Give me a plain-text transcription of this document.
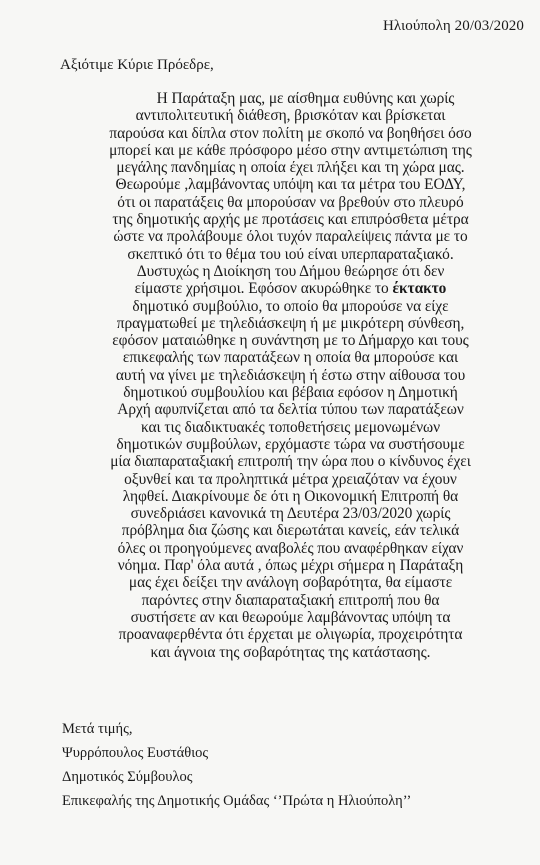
Ηλιούπολη 20/03/2020
Αξιότιμε Κύριε Πρόεδρε,
Η Παράταξη μας, με αίσθημα ευθύνης και χωρίς
αντιπολιτευτική διάθεση, βρισκόταν και βρίσκεται
παρούσα και δίπλα στον πολίτη με σκοπό να βοηθήσει όσο
μπορεί και με κάθε πρόσφορο μέσο στην αντιμετώπιση της
μεγάλης πανδημίας η οποία έχει πλήξει και τη χώρα μας.
Θεωρούμε ,λαμβάνοντας υπόψη και τα μέτρα του ΕΟΔΥ,
ότι οι παρατάξεις θα μπορούσαν να βρεθούν στο πλευρό
της δημοτικής αρχής με προτάσεις και επιπρόσθετα μέτρα
ώστε να προλάβουμε όλοι τυχόν παραλείψεις πάντα με το
σκεπτικό ότι το θέμα του ιού είναι υπερπαραταξιακό.
Δυστυχώς η Διοίκηση του Δήμου θεώρησε ότι δεν
είμαστε χρήσιμοι. Εφόσον ακυρώθηκε το έκτακτο
δημοτικό συμβούλιο, το οποίο θα μπορούσε να είχε
πραγματωθεί με τηλεδιάσκεψη ή με μικρότερη σύνθεση,
εφόσον ματαιώθηκε η συνάντηση με το Δήμαρχο και τους
επικεφαλής των παρατάξεων η οποία θα μπορούσε και
αυτή να γίνει με τηλεδιάσκεψη ή έστω στην αίθουσα του
δημοτικού συμβουλίου και βέβαια εφόσον η Δημοτική
Αρχή αφυπνίζεται από τα δελτία τύπου των παρατάξεων
και τις διαδικτυακές τοποθετήσεις μεμονωμένων
δημοτικών συμβούλων, ερχόμαστε τώρα να συστήσουμε
μία διαπαραταξιακή επιτροπή την ώρα που ο κίνδυνος έχει
οξυνθεί και τα προληπτικά μέτρα χρειαζόταν να έχουν
ληφθεί. Διακρίνουμε δε ότι η Οικονομική Επιτροπή θα
συνεδριάσει κανονικά τη Δευτέρα 23/03/2020 χωρίς
πρόβλημα δια ζώσης και διερωτάται κανείς, εάν τελικά
όλες οι προηγούμενες αναβολές που αναφέρθηκαν είχαν
νόημα. Παρ' όλα αυτά , όπως μέχρι σήμερα η Παράταξη
μας έχει δείξει την ανάλογη σοβαρότητα, θα είμαστε
παρόντες στην διαπαραταξιακή επιτροπή που θα
συστήσετε αν και θεωρούμε λαμβάνοντας υπόψη τα
προαναφερθέντα ότι έρχεται με ολιγωρία, προχειρότητα
και άγνοια της σοβαρότητας της κατάστασης.
Μετά τιμής,
Ψυρρόπουλος Ευστάθιος
Δημοτικός Σύμβουλος
Επικεφαλής της Δημοτικής Ομάδας ‘’Πρώτα η Ηλιούπολη’’
